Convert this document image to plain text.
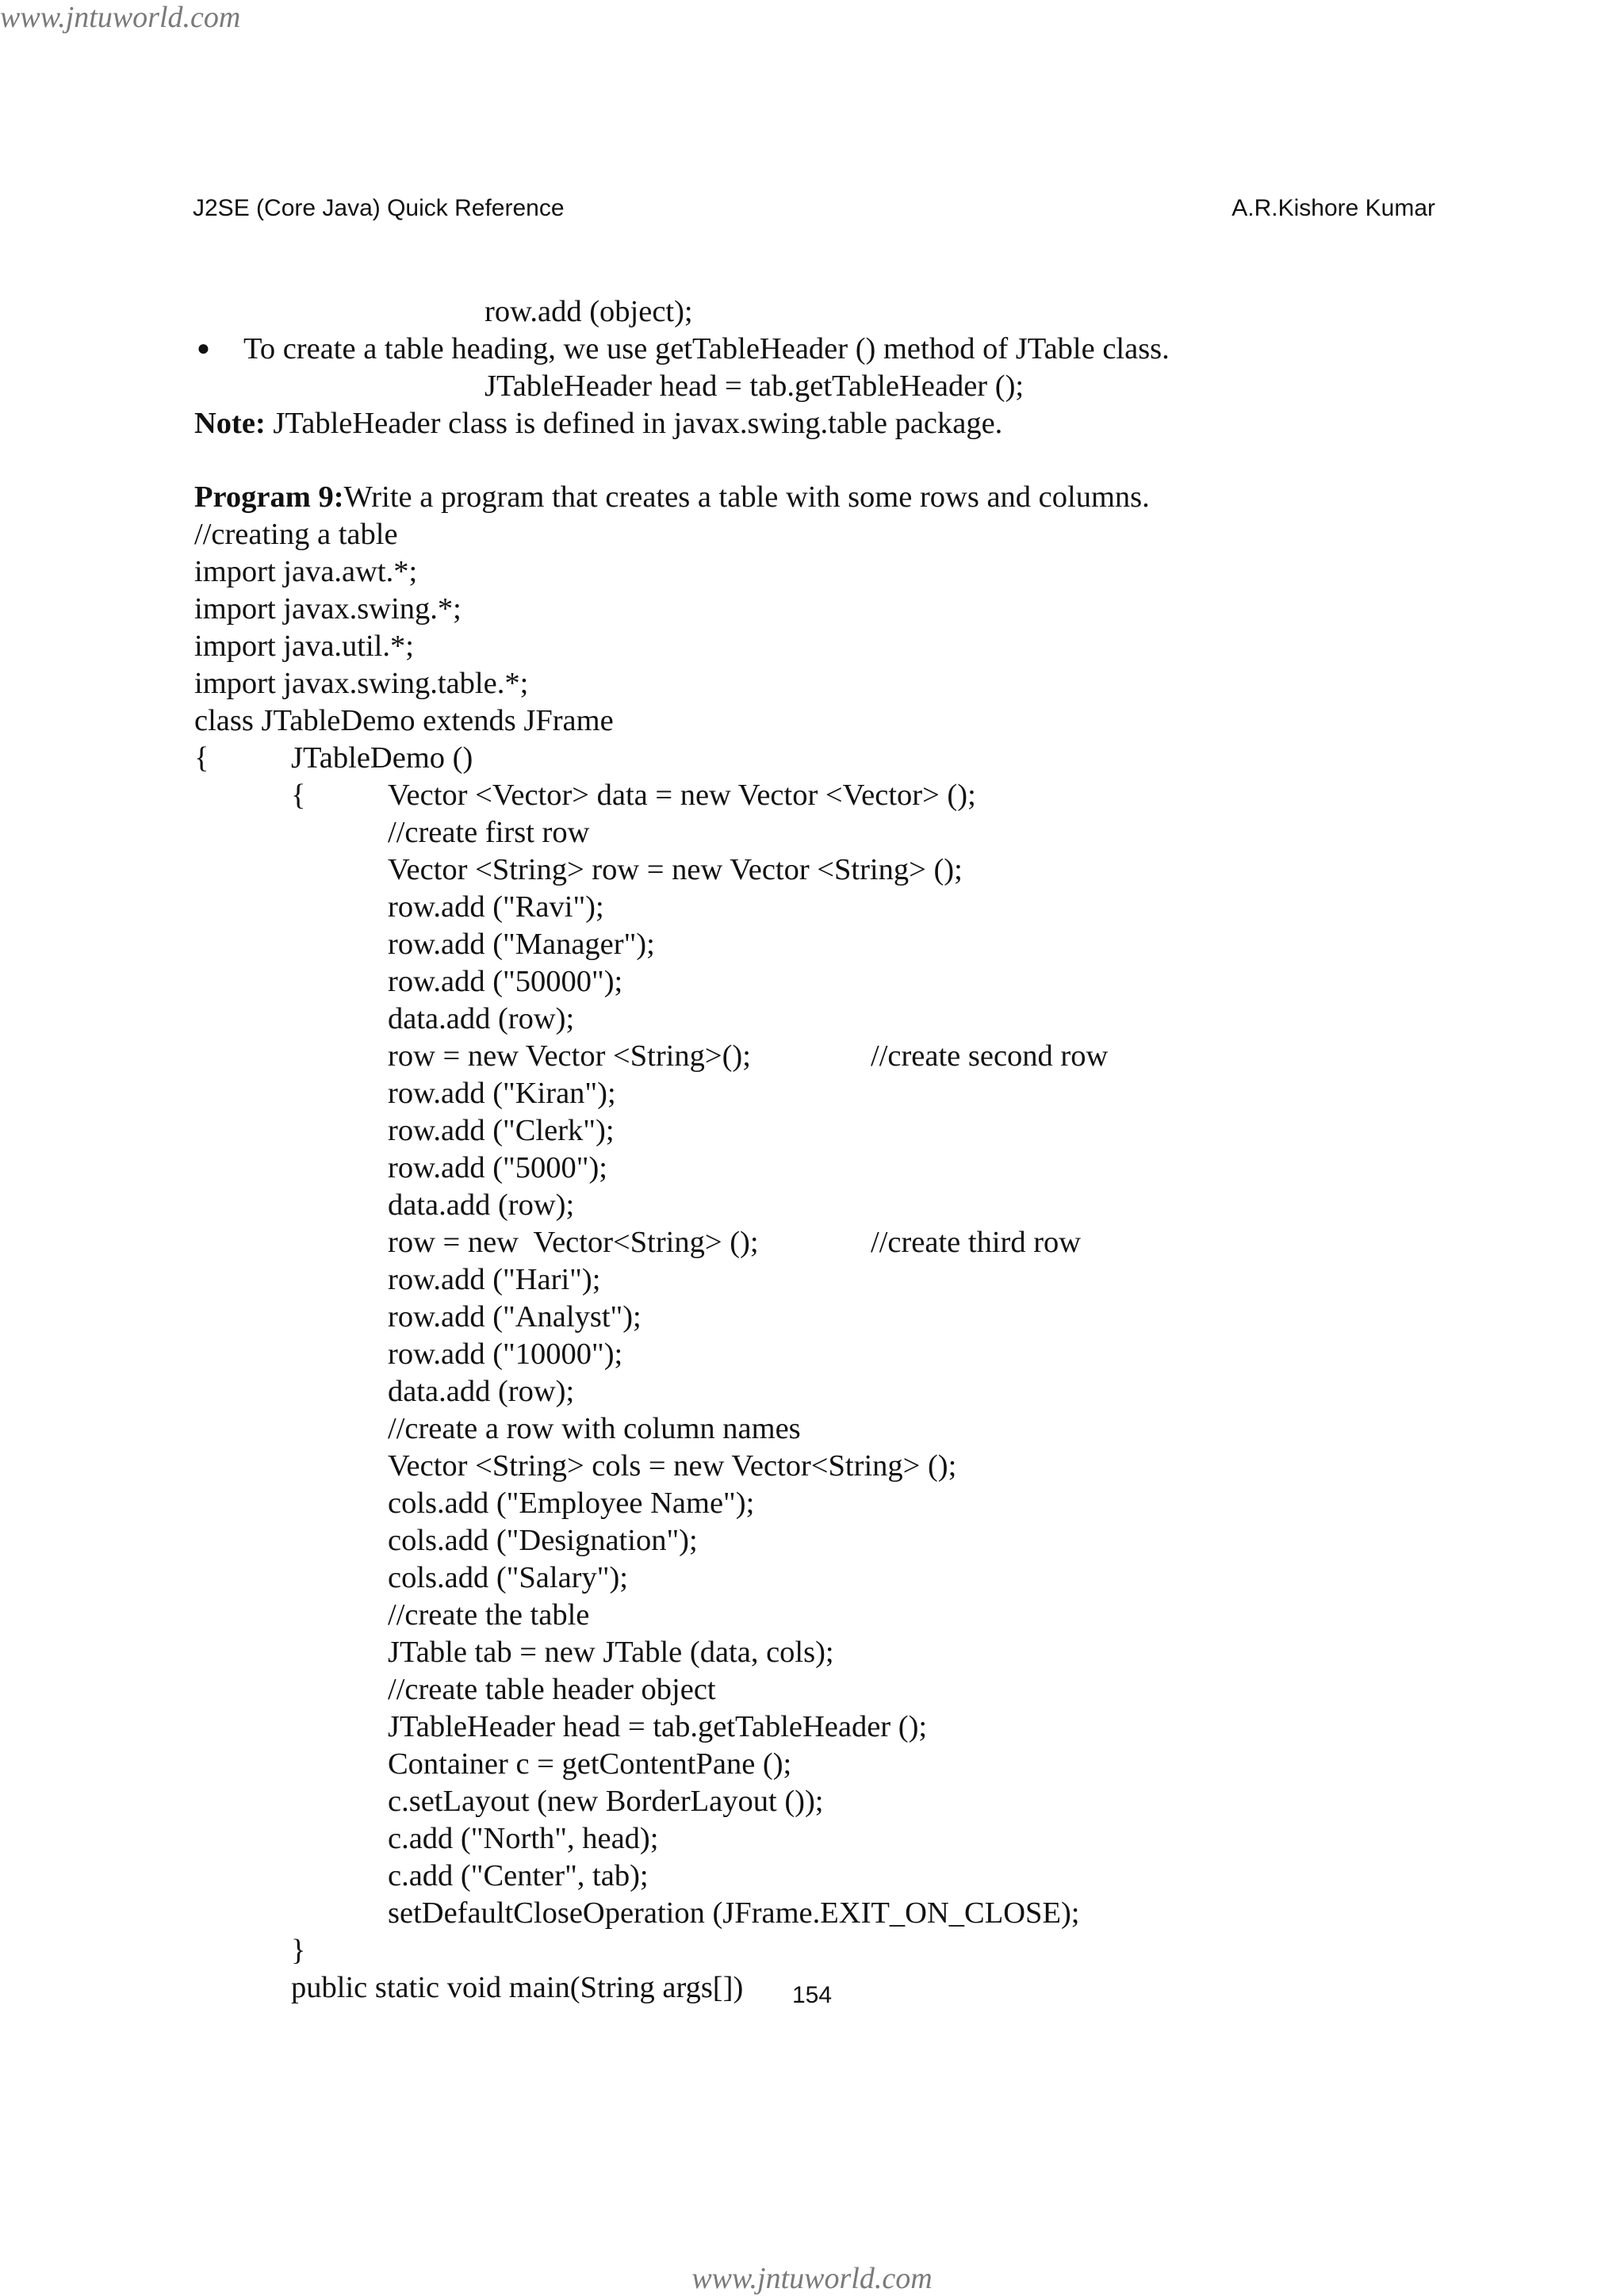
www.jntuworld.com
J2SE (Core Java) Quick Reference	A.R.Kishore Kumar
row.add (object);
● To create a table heading, we use getTableHeader () method of JTable class.
JTableHeader head = tab.getTableHeader ();
Note: JTableHeader class is defined in javax.swing.table package.
Program 9:Write a program that creates a table with some rows and columns.
//creating a table
import java.awt.*;
import javax.swing.*;
import java.util.*;
import javax.swing.table.*;
class JTableDemo extends JFrame
{	JTableDemo ()
{	Vector <Vector> data = new Vector <Vector> ();
//create first row
Vector <String> row = new Vector <String> ();
row.add ("Ravi");
row.add ("Manager");
row.add ("50000");
data.add (row);
row = new Vector <String>();	//create second row
row.add ("Kiran");
row.add ("Clerk");
row.add ("5000");
data.add (row);
row = new  Vector<String> ();	//create third row
row.add ("Hari");
row.add ("Analyst");
row.add ("10000");
data.add (row);
//create a row with column names
Vector <String> cols = new Vector<String> ();
cols.add ("Employee Name");
cols.add ("Designation");
cols.add ("Salary");
//create the table
JTable tab = new JTable (data, cols);
//create table header object
JTableHeader head = tab.getTableHeader ();
Container c = getContentPane ();
c.setLayout (new BorderLayout ());
c.add ("North", head);
c.add ("Center", tab);
setDefaultCloseOperation (JFrame.EXIT_ON_CLOSE);
}
public static void main(String args[])	154
www.jntuworld.com
